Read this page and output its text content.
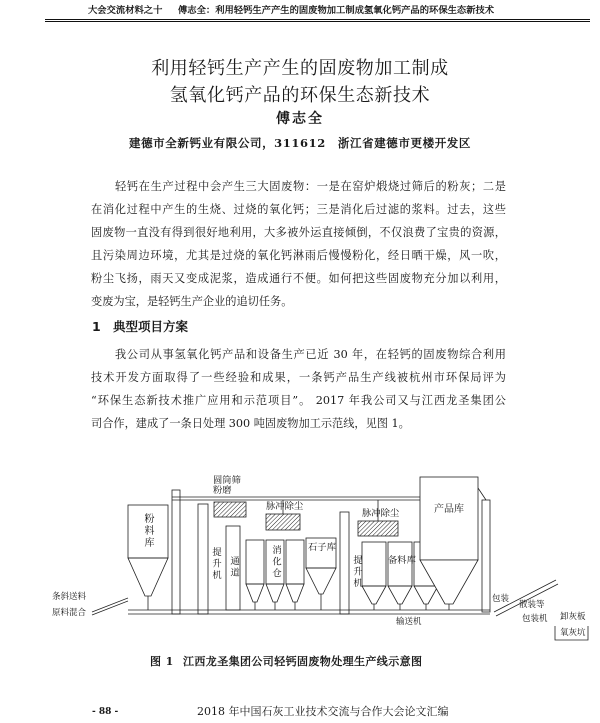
大会交流材料之十 傅志全：利用轻钙生产产生的固废物加工制成氢氧化钙产品的环保生态新技术
利用轻钙生产产生的固废物加工制成
氢氧化钙产品的环保生态新技术
傅志全
建德市全新钙业有限公司，311612　浙江省建德市更楼开发区
轻钙在生产过程中会产生三大固废物：一是在窑炉煅烧过筛后的粉灰；二是
在消化过程中产生的生烧、过烧的氧化钙；三是消化后过滤的浆料。过去，这些
固废物一直没有得到很好地利用，大多被外运直接倾倒，不仅浪费了宝贵的资源，
且污染周边环境，尤其是过烧的氧化钙淋雨后慢慢粉化，经日晒干燥，风一吹，
粉尘飞扬，雨天又变成泥浆，造成通行不便。如何把这些固废物充分加以利用，
变废为宝，是轻钙生产企业的追切任务。
1 典型项目方案
我公司从事氢氧化钙产品和设备生产已近 30 年，在轻钙的固废物综合利用
技术开发方面取得了一些经验和成果，一条钙产品生产线被杭州市环保局评为
“环保生态新技术推广应用和示范项目”。 2017 年我公司又与江西龙圣集团公
司合作，建成了一条日处理 300 吨固废物加工示范线，见图 1。
粉料库
圆筒筛
粉磨
提升机 通道
脉冲除尘
消化仓	石子库
提升机
脉冲除尘
备料库
产品库
包装
散装等
包装机 卸灰板
氧灰坑
输送机
条斜送料
原料混合
图 1 江西龙圣集团公司轻钙固废物处理生产线示意图
- 88 -	2018 年中国石灰工业技术交流与合作大会论文汇编
